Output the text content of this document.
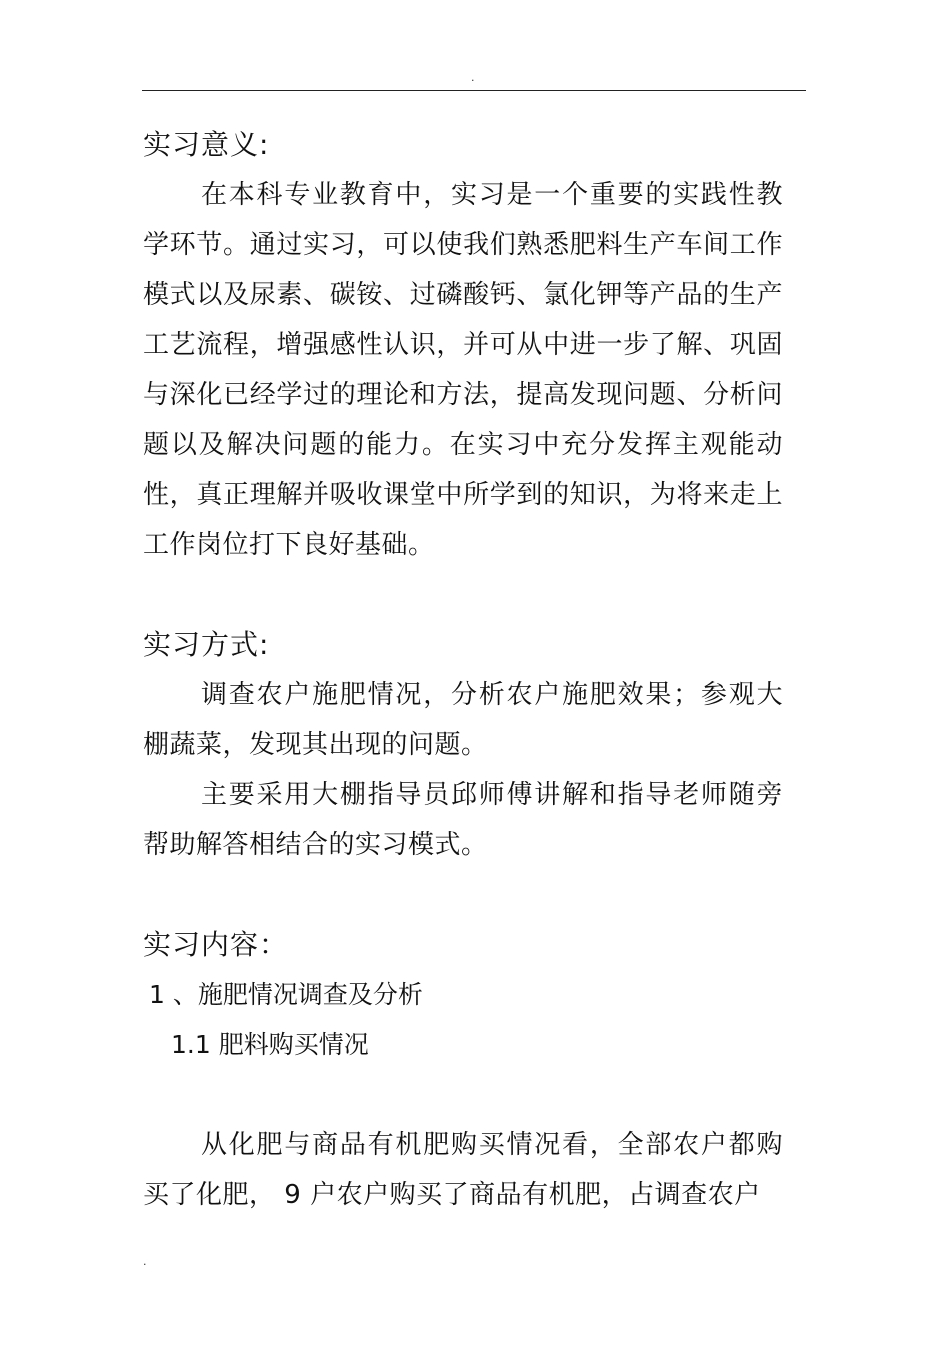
.
实习意义:

在本科专业教育中，实习是一个重要的实践性教学环节。通过实习，可以使我们熟悉肥料生产车间工作模式以及尿素、碳铵、过磷酸钙、氯化钾等产品的生产工艺流程，增强感性认识，并可从中进一步了解、巩固与深化已经学过的理论和方法，提高发现问题、分析问题以及解决问题的能力。在实习中充分发挥主观能动性，真正理解并吸收课堂中所学到的知识，为将来走上工作岗位打下良好基础。

实习方式:

调查农户施肥情况，分析农户施肥效果；参观大棚蔬菜，发现其出现的问题。

主要采用大棚指导员邱师傅讲解和指导老师随旁帮助解答相结合的实习模式。

实习内容：

1 、施肥情况调查及分析

1.1 肥料购买情况

从化肥与商品有机肥购买情况看，全部农户都购买了化肥， 9 户农户购买了商品有机肥，占调查农户

.
